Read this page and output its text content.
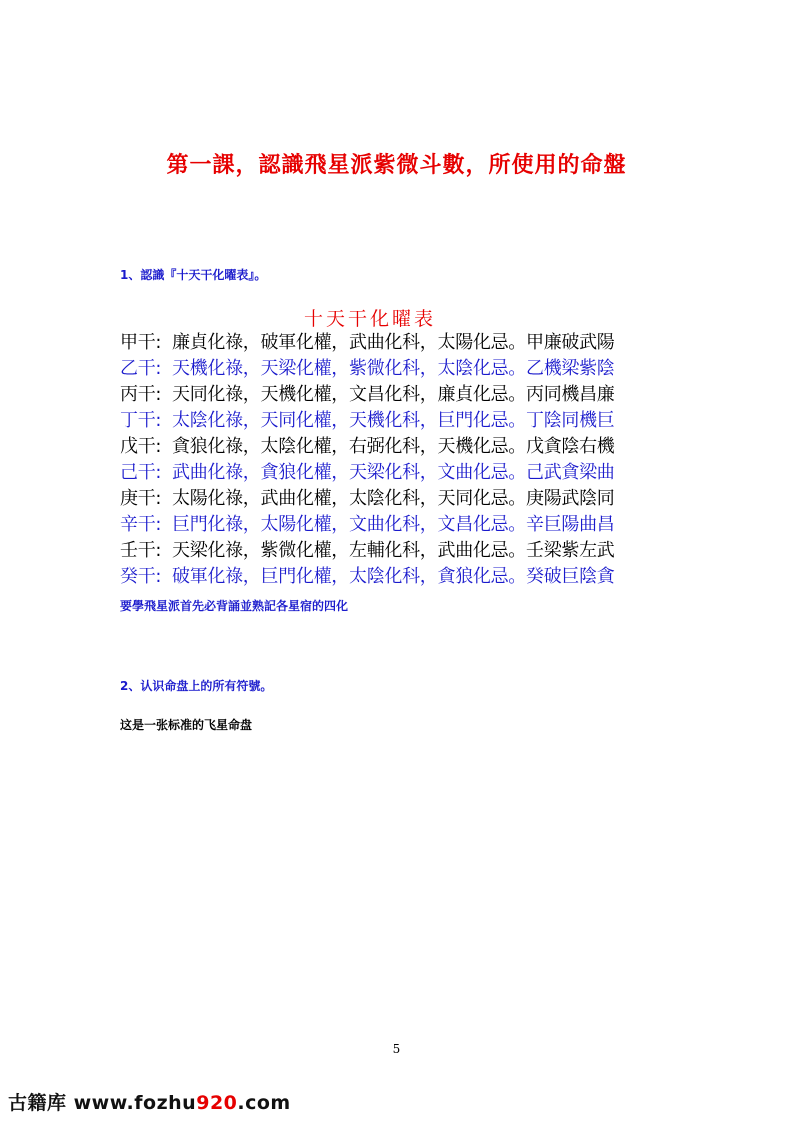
第一課，認識飛星派紫微斗數，所使用的命盤
1、認識『十天干化曜表』。
十天干化曜表
甲干: 廉貞化祿，破軍化權，武曲化科，太陽化忌。甲廉破武陽
乙干: 天機化祿，天梁化權，紫微化科，太陰化忌。乙機梁紫陰
丙干: 天同化祿，天機化權，文昌化科，廉貞化忌。丙同機昌廉
丁干: 太陰化祿，天同化權，天機化科，巨門化忌。丁陰同機巨
戊干: 貪狼化祿，太陰化權，右弼化科，天機化忌。戊貪陰右機
己干: 武曲化祿，貪狼化權，天梁化科，文曲化忌。己武貪梁曲
庚干: 太陽化祿，武曲化權，太陰化科，天同化忌。庚陽武陰同
辛干: 巨門化祿，太陽化權，文曲化科，文昌化忌。辛巨陽曲昌
壬干: 天梁化祿，紫微化權，左輔化科，武曲化忌。壬梁紫左武
癸干: 破軍化祿，巨門化權，太陰化科，貪狼化忌。癸破巨陰貪
要學飛星派首先必背誦並熟記各星宿的四化
2、认识命盘上的所有符號。
这是一张标准的飞星命盘
5
古籍库 www.fozhu920.com
